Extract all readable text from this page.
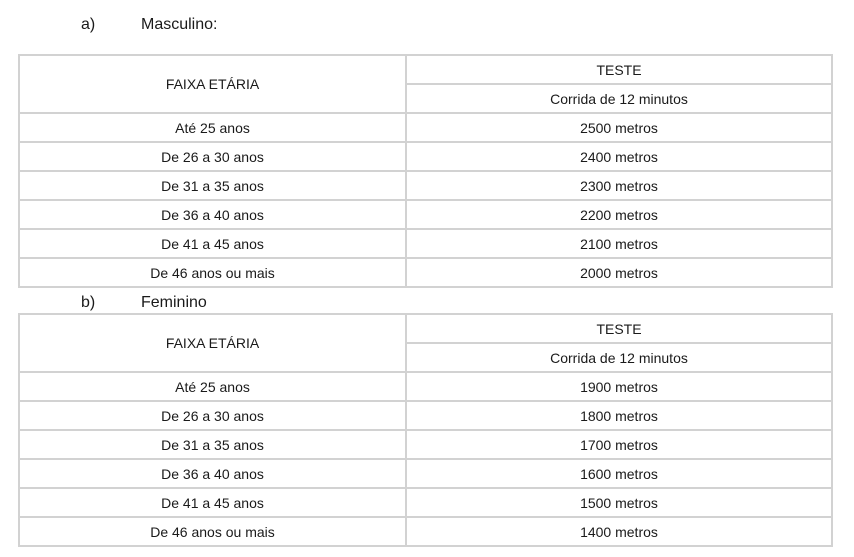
a)	Masculino:
FAIXA ETÁRIA	TESTE
	Corrida de 12 minutos
Até 25 anos	2500 metros
De 26 a 30 anos	2400 metros
De 31 a 35 anos	2300 metros
De 36 a 40 anos	2200 metros
De 41 a 45 anos	2100 metros
De 46 anos ou mais	2000 metros
b)	Feminino
FAIXA ETÁRIA	TESTE
	Corrida de 12 minutos
Até 25 anos	1900 metros
De 26 a 30 anos	1800 metros
De 31 a 35 anos	1700 metros
De 36 a 40 anos	1600 metros
De 41 a 45 anos	1500 metros
De 46 anos ou mais	1400 metros
